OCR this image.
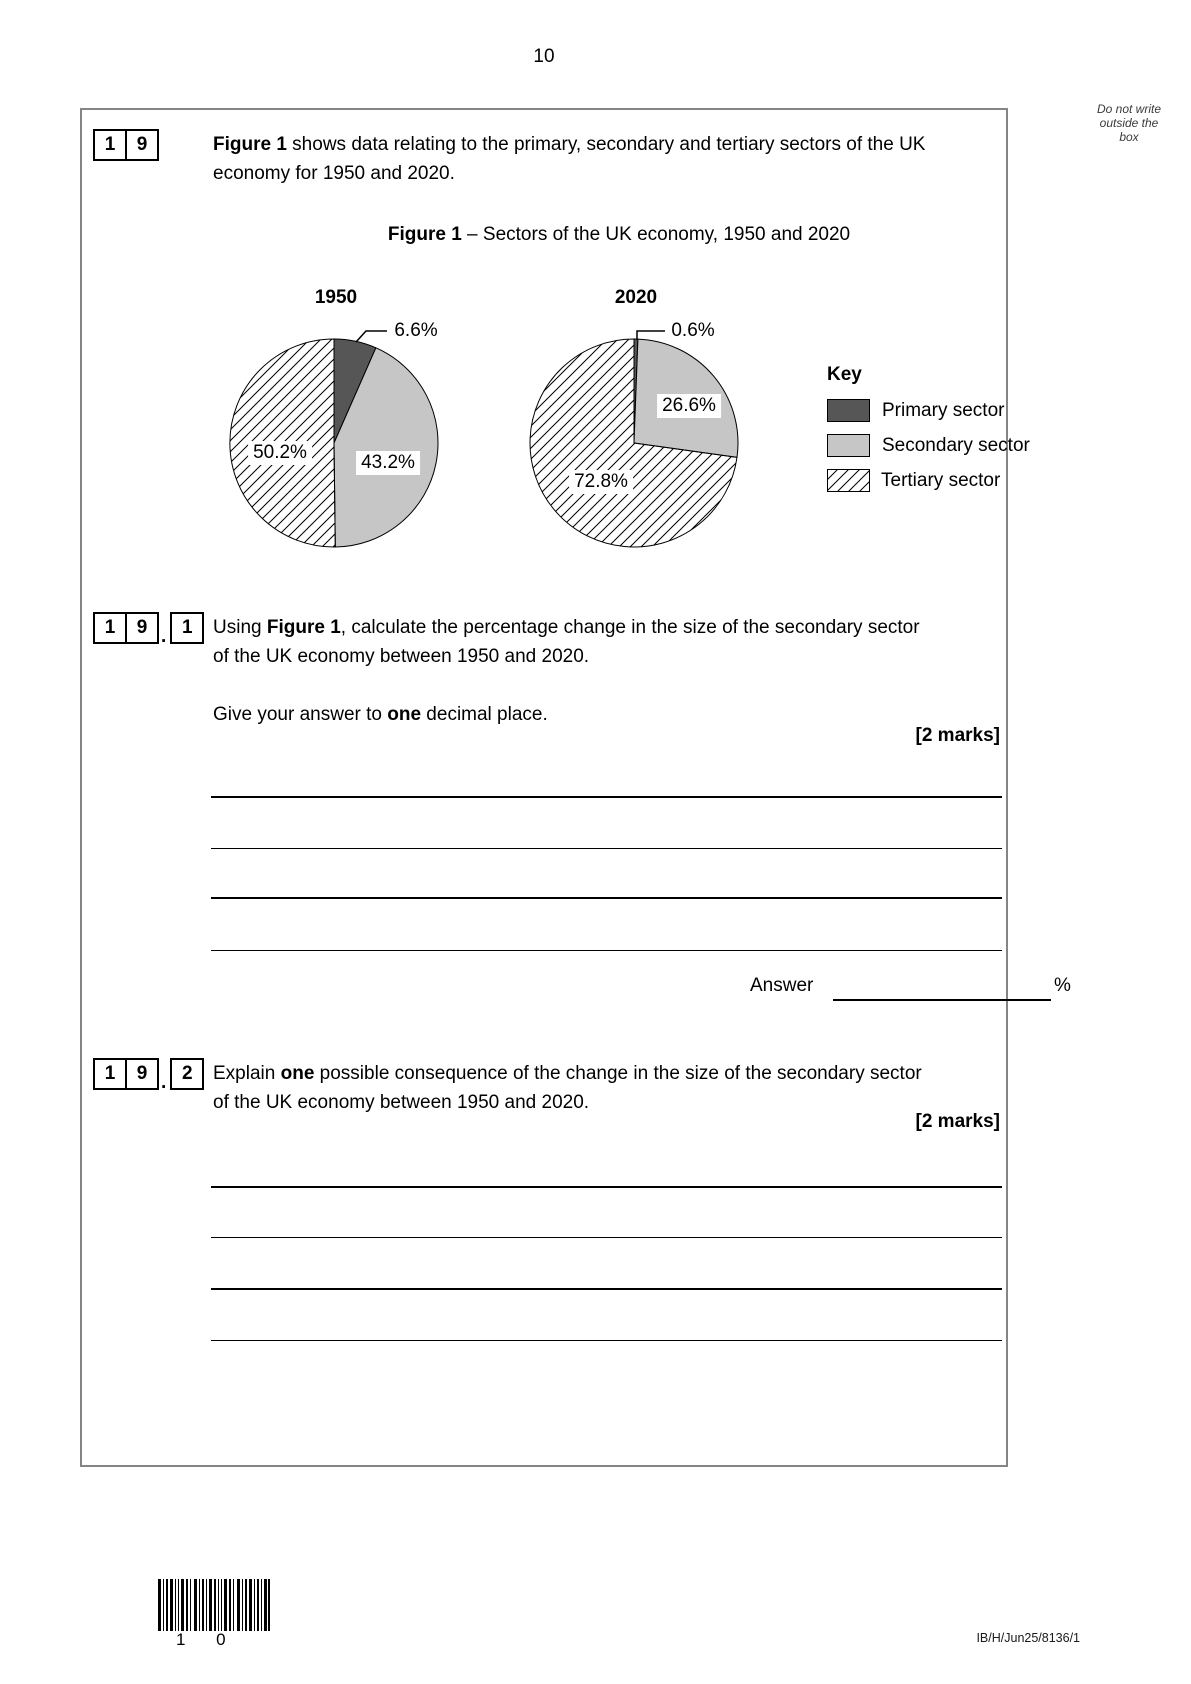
10
Do not write
outside the
box
1	9	Figure 1 shows data relating to the primary, secondary and tertiary sectors of the UK
economy for 1950 and 2020.
Figure 1 – Sectors of the UK economy, 1950 and 2020
1950	2020
6.6%
43.2%
50.2%
0.6%
26.6%
72.8%
Key
Primary sector
Secondary sector
Tertiary sector
1	9 . 1	Using Figure 1, calculate the percentage change in the size of the secondary sector
of the UK economy between 1950 and 2020.
Give your answer to one decimal place.
[2 marks]
Answer	%
1	9 . 2	Explain one possible consequence of the change in the size of the secondary sector
of the UK economy between 1950 and 2020.
[2 marks]
1 0	IB/H/Jun25/8136/1
